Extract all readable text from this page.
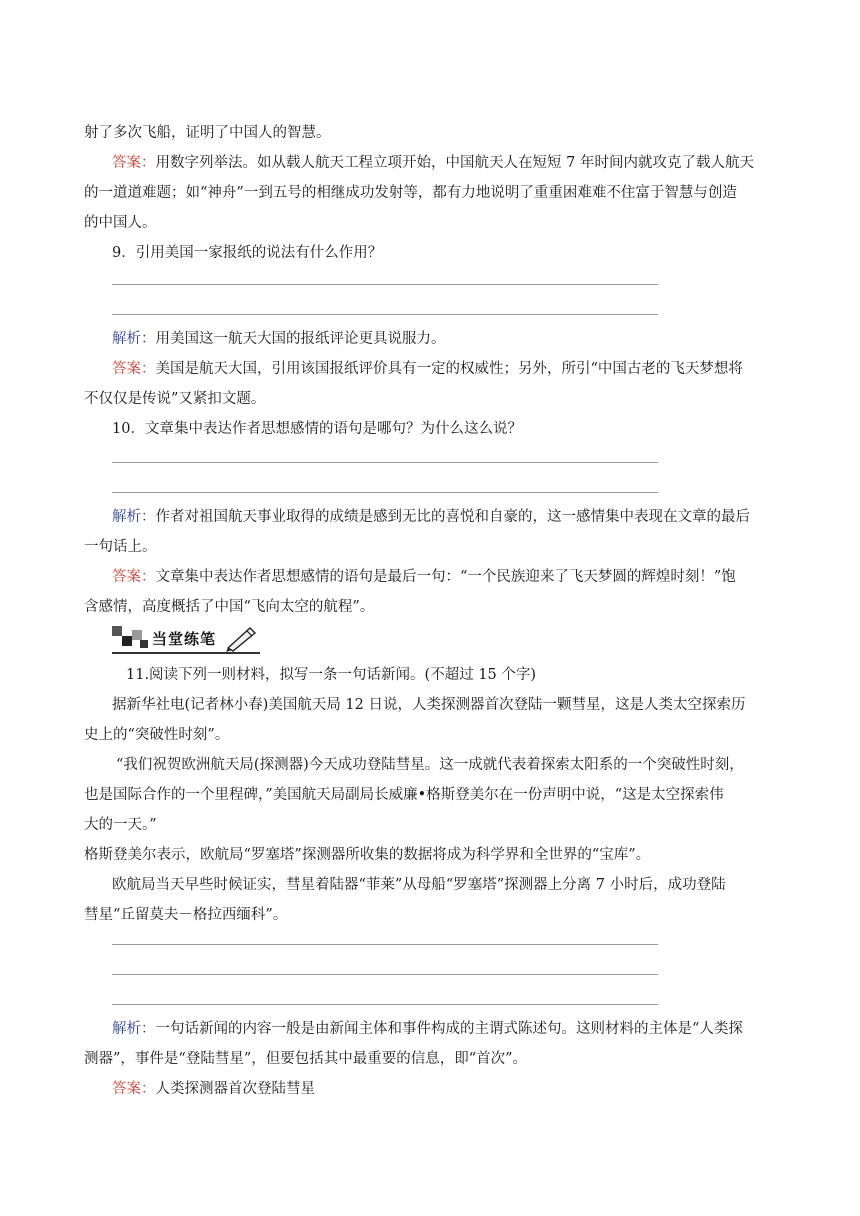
射了多次飞船，证明了中国人的智慧。
答案：用数字列举法。如从载人航天工程立项开始，中国航天人在短短 7 年时间内就攻克了载人航天
的一道道难题；如“神舟”一到五号的相继成功发射等，都有力地说明了重重困难难不住富于智慧与创造
的中国人。
9．引用美国一家报纸的说法有什么作用？
解析：用美国这一航天大国的报纸评论更具说服力。
答案：美国是航天大国，引用该国报纸评价具有一定的权威性；另外，所引“中国古老的飞天梦想将
不仅仅是传说”又紧扣文题。
10．文章集中表达作者思想感情的语句是哪句？为什么这么说？
解析：作者对祖国航天事业取得的成绩是感到无比的喜悦和自豪的，这一感情集中表现在文章的最后
一句话上。
答案：文章集中表达作者思想感情的语句是最后一句：“一个民族迎来了飞天梦圆的辉煌时刻！”饱
含感情，高度概括了中国“飞向太空的航程”。
当堂练笔
11.阅读下列一则材料，拟写一条一句话新闻。(不超过 15 个字)
据新华社电(记者林小春)美国航天局 12 日说，人类探测器首次登陆一颗彗星，这是人类太空探索历
史上的“突破性时刻”。
“我们祝贺欧洲航天局(探测器)今天成功登陆彗星。这一成就代表着探索太阳系的一个突破性时刻，
也是国际合作的一个里程碑，”美国航天局副局长威廉•格斯登美尔在一份声明中说，“这是太空探索伟
大的一天。”
格斯登美尔表示，欧航局“罗塞塔”探测器所收集的数据将成为科学界和全世界的“宝库”。
欧航局当天早些时候证实，彗星着陆器“菲莱”从母船“罗塞塔”探测器上分离 7 小时后，成功登陆
彗星“丘留莫夫－格拉西缅科”。
解析：一句话新闻的内容一般是由新闻主体和事件构成的主谓式陈述句。这则材料的主体是“人类探
测器”，事件是“登陆彗星”，但要包括其中最重要的信息，即“首次”。
答案：人类探测器首次登陆彗星
